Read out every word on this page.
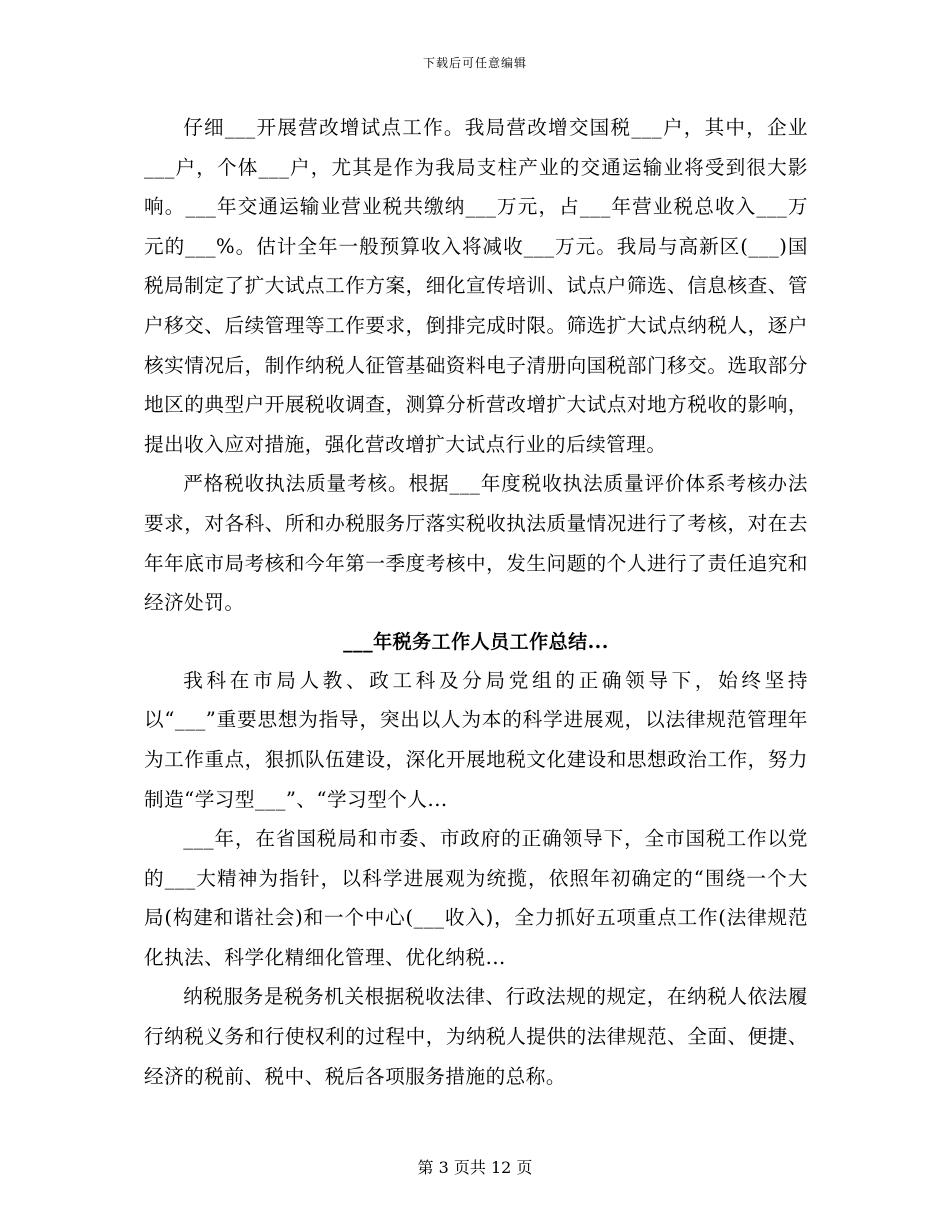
下载后可任意编辑

仔细___开展营改增试点工作。我局营改增交国税___户，其中，企业___户，个体___户，尤其是作为我局支柱产业的交通运输业将受到很大影响。___年交通运输业营业税共缴纳___万元，占___年营业税总收入___万元的___%。估计全年一般预算收入将减收___万元。我局与高新区(___)国税局制定了扩大试点工作方案，细化宣传培训、试点户筛选、信息核查、管户移交、后续管理等工作要求，倒排完成时限。筛选扩大试点纳税人，逐户核实情况后，制作纳税人征管基础资料电子清册向国税部门移交。选取部分地区的典型户开展税收调查，测算分析营改增扩大试点对地方税收的影响，提出收入应对措施，强化营改增扩大试点行业的后续管理。

严格税收执法质量考核。根据___年度税收执法质量评价体系考核办法要求，对各科、所和办税服务厅落实税收执法质量情况进行了考核，对在去年年底市局考核和今年第一季度考核中，发生问题的个人进行了责任追究和经济处罚。

___年税务工作人员工作总结...

我科在市局人教、政工科及分局党组的正确领导下，始终坚持以“___”重要思想为指导，突出以人为本的科学进展观，以法律规范管理年为工作重点，狠抓队伍建设，深化开展地税文化建设和思想政治工作，努力制造“学习型___”、“学习型个人...

___年，在省国税局和市委、市政府的正确领导下，全市国税工作以党的___大精神为指针，以科学进展观为统揽，依照年初确定的“围绕一个大局(构建和谐社会)和一个中心(___收入)，全力抓好五项重点工作(法律规范化执法、科学化精细化管理、优化纳税...

纳税服务是税务机关根据税收法律、行政法规的规定，在纳税人依法履行纳税义务和行使权利的过程中，为纳税人提供的法律规范、全面、便捷、经济的税前、税中、税后各项服务措施的总称。

第 3 页共 12 页
